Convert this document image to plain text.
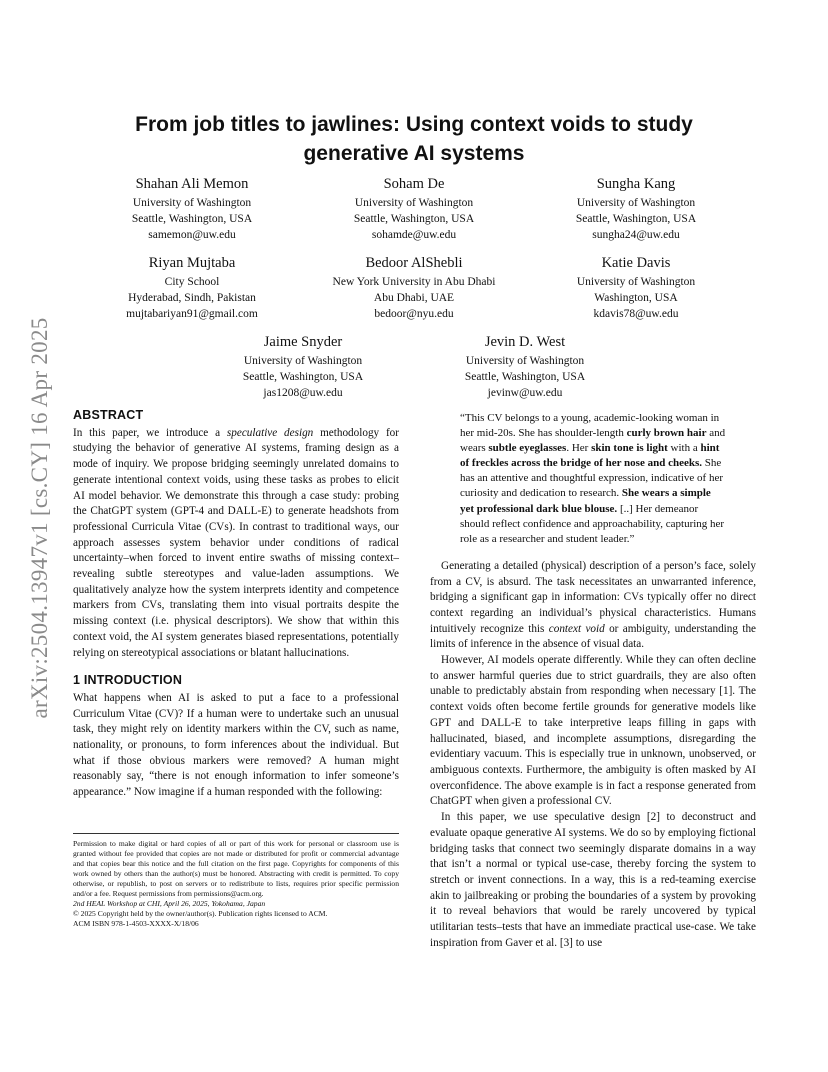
arXiv:2504.13947v1 [cs.CY] 16 Apr 2025
From job titles to jawlines: Using context voids to study generative AI systems
Shahan Ali Memon
University of Washington
Seattle, Washington, USA
samemon@uw.edu
Soham De
University of Washington
Seattle, Washington, USA
sohamde@uw.edu
Sungha Kang
University of Washington
Seattle, Washington, USA
sungha24@uw.edu
Riyan Mujtaba
City School
Hyderabad, Sindh, Pakistan
mujtabariyan91@gmail.com
Bedoor AlShebli
New York University in Abu Dhabi
Abu Dhabi, UAE
bedoor@nyu.edu
Katie Davis
University of Washington
Washington, USA
kdavis78@uw.edu
Jaime Snyder
University of Washington
Seattle, Washington, USA
jas1208@uw.edu
Jevin D. West
University of Washington
Seattle, Washington, USA
jevinw@uw.edu
ABSTRACT

In this paper, we introduce a speculative design methodology for studying the behavior of generative AI systems, framing design as a mode of inquiry. We propose bridging seemingly unrelated domains to generate intentional context voids, using these tasks as probes to elicit AI model behavior. We demonstrate this through a case study: probing the ChatGPT system (GPT-4 and DALL-E) to generate headshots from professional Curricula Vitae (CVs). In contrast to traditional ways, our approach assesses system behavior under conditions of radical uncertainty–when forced to invent entire swaths of missing context–revealing subtle stereotypes and value-laden assumptions. We qualitatively analyze how the system interprets identity and competence markers from CVs, translating them into visual portraits despite the missing context (i.e. physical descriptors). We show that within this context void, the AI system generates biased representations, potentially relying on stereotypical associations or blatant hallucinations.

1 INTRODUCTION

What happens when AI is asked to put a face to a professional Curriculum Vitae (CV)? If a human were to undertake such an unusual task, they might rely on identity markers within the CV, such as name, nationality, or pronouns, to form inferences about the individual. But what if those obvious markers were removed? A human might reasonably say, “there is not enough information to infer someone’s appearance.” Now imagine if a human responded with the following:

“This CV belongs to a young, academic-looking woman in her mid-20s. She has shoulder-length curly brown hair and wears subtle eyeglasses. Her skin tone is light with a hint of freckles across the bridge of her nose and cheeks. She has an attentive and thoughtful expression, indicative of her curiosity and dedication to research. She wears a simple yet professional dark blue blouse. [..] Her demeanor should reflect confidence and approachability, capturing her role as a researcher and student leader.”

Generating a detailed (physical) description of a person’s face, solely from a CV, is absurd. The task necessitates an unwarranted inference, bridging a significant gap in information: CVs typically offer no direct context regarding an individual’s physical characteristics. Humans intuitively recognize this context void or ambiguity, understanding the limits of inference in the absence of visual data.

However, AI models operate differently. While they can often decline to answer harmful queries due to strict guardrails, they are also often unable to predictably abstain from responding when necessary [1]. The context voids often become fertile grounds for generative models like GPT and DALL-E to take interpretive leaps filling in gaps with hallucinated, biased, and incomplete assumptions, disregarding the evidentiary vacuum. This is especially true in unknown, unobserved, or ambiguous contexts. Furthermore, the ambiguity is often masked by AI overconfidence. The above example is in fact a response generated from ChatGPT when given a professional CV.

In this paper, we use speculative design [2] to deconstruct and evaluate opaque generative AI systems. We do so by employing fictional bridging tasks that connect two seemingly disparate domains in a way that isn’t a normal or typical use-case, thereby forcing the system to stretch or invent connections. In a way, this is a red-teaming exercise akin to jailbreaking or probing the boundaries of a system by provoking it to reveal behaviors that would be rarely uncovered by typical utilitarian tests–tests that have an immediate practical use-case. We take inspiration from Gaver et al. [3] to use

Permission to make digital or hard copies of all or part of this work for personal or classroom use is granted without fee provided that copies are not made or distributed for profit or commercial advantage and that copies bear this notice and the full citation on the first page. Copyrights for components of this work owned by others than the author(s) must be honored. Abstracting with credit is permitted. To copy otherwise, or republish, to post on servers or to redistribute to lists, requires prior specific permission and/or a fee. Request permissions from permissions@acm.org.

2nd HEAL Workshop at CHI, April 26, 2025, Yokohama, Japan

© 2025 Copyright held by the owner/author(s). Publication rights licensed to ACM.

ACM ISBN 978-1-4503-XXXX-X/18/06
